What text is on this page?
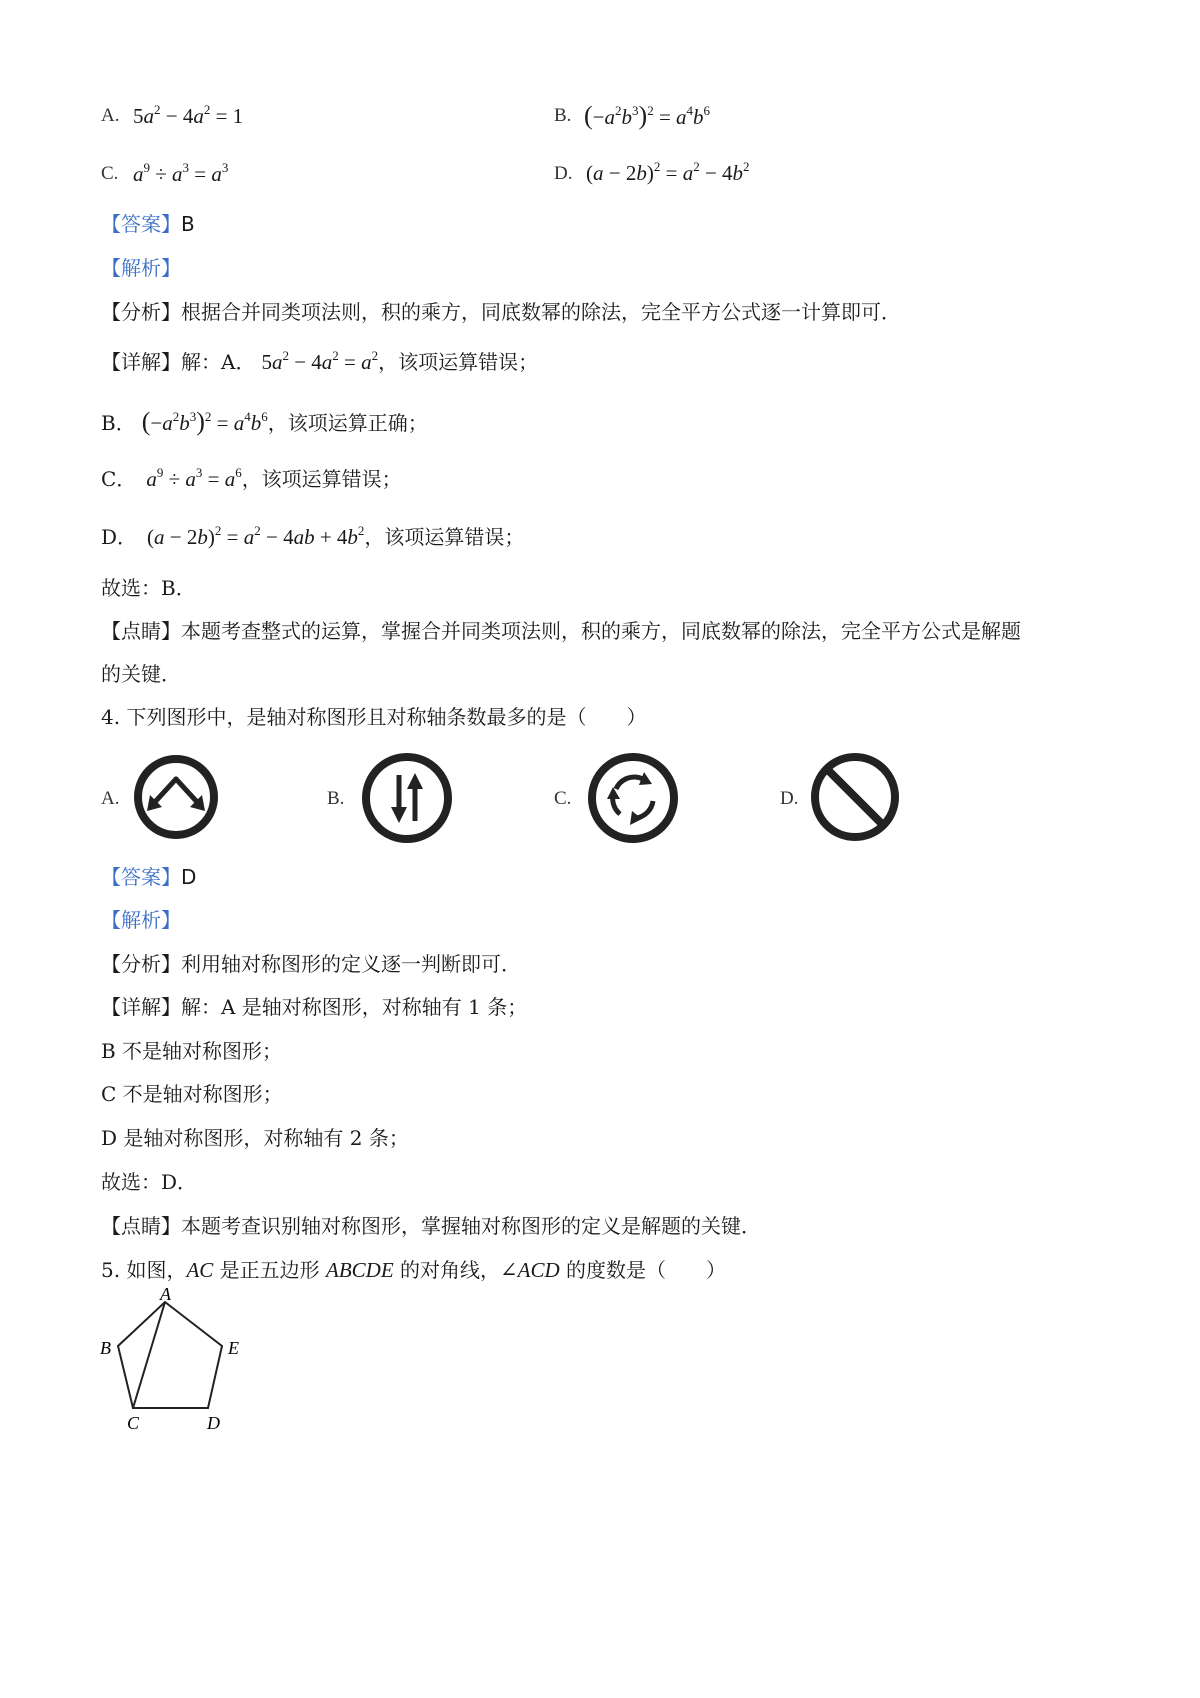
A. $5a^2 - 4a^2 = 1$	B. $(-a^2b^3)^2 = a^4b^6$
C. $a^9 \div a^3 = a^3$	D. $(a - 2b)^2 = a^2 - 4b^2$
【答案】B
【解析】
【分析】根据合并同类项法则，积的乘方，同底数幂的除法，完全平方公式逐一计算即可．
【详解】解：A． $5a^2 - 4a^2 = a^2$，该项运算错误；
B． $(-a^2b^3)^2 = a^4b^6$，该项运算正确；
C． $a^9 \div a^3 = a^6$，该项运算错误；
D． $(a - 2b)^2 = a^2 - 4ab + 4b^2$，该项运算错误；
故选：B．
【点睛】本题考查整式的运算，掌握合并同类项法则，积的乘方，同底数幂的除法，完全平方公式是解题
的关键．
4. 下列图形中，是轴对称图形且对称轴条数最多的是（　　）
A.	B.	C.	D.
【答案】D
【解析】
【分析】利用轴对称图形的定义逐一判断即可．
【详解】解：A 是轴对称图形，对称轴有 1 条；
B 不是轴对称图形；
C 不是轴对称图形；
D 是轴对称图形，对称轴有 2 条；
故选：D．
【点睛】本题考查识别轴对称图形，掌握轴对称图形的定义是解题的关键．
5. 如图，AC 是正五边形 ABCDE 的对角线，∠ACD 的度数是（　　）
A
B
C	D
E
